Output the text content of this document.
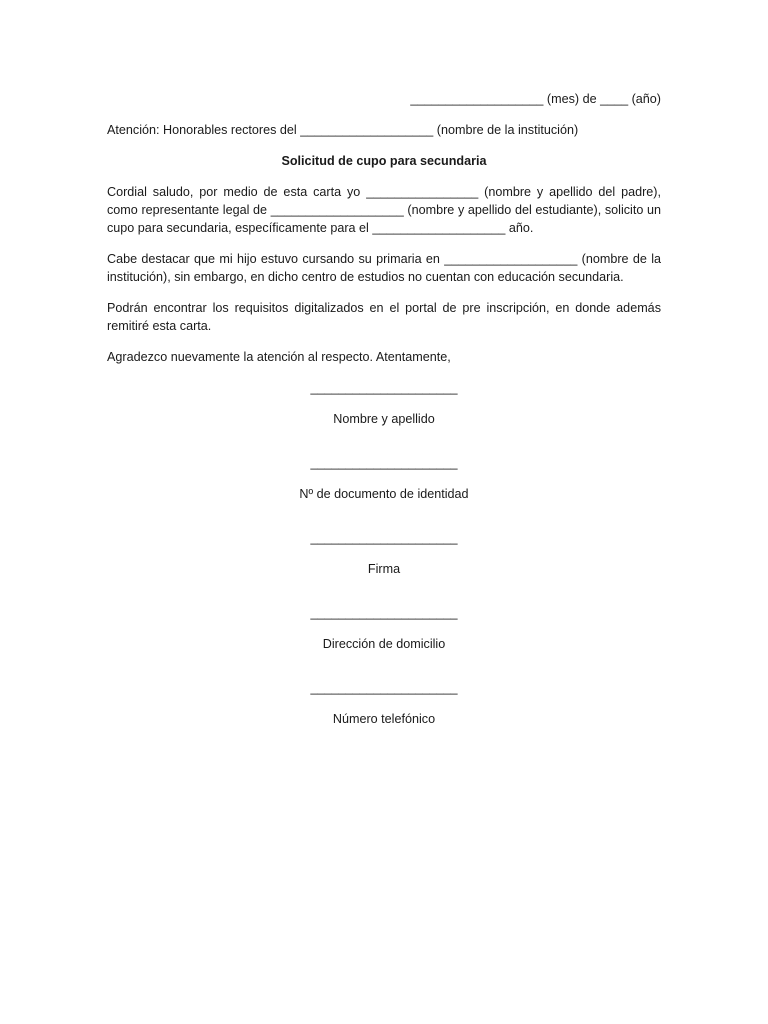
___________________ (mes) de ____ (año)

Atención: Honorables rectores del ___________________ (nombre de la institución)

Solicitud de cupo para secundaria

Cordial saludo, por medio de esta carta yo ________________ (nombre y apellido del padre), como representante legal de ___________________ (nombre y apellido del estudiante), solicito un cupo para secundaria, específicamente para el ___________________ año.

Cabe destacar que mi hijo estuvo cursando su primaria en ___________________ (nombre de la institución), sin embargo, en dicho centro de estudios no cuentan con educación secundaria.

Podrán encontrar los requisitos digitalizados en el portal de pre inscripción, en donde además remitiré esta carta.

Agradezco nuevamente la atención al respecto. Atentamente,

_____________________

Nombre y apellido

_____________________

Nº de documento de identidad

_____________________

Firma

_____________________

Dirección de domicilio

_____________________

Número telefónico
